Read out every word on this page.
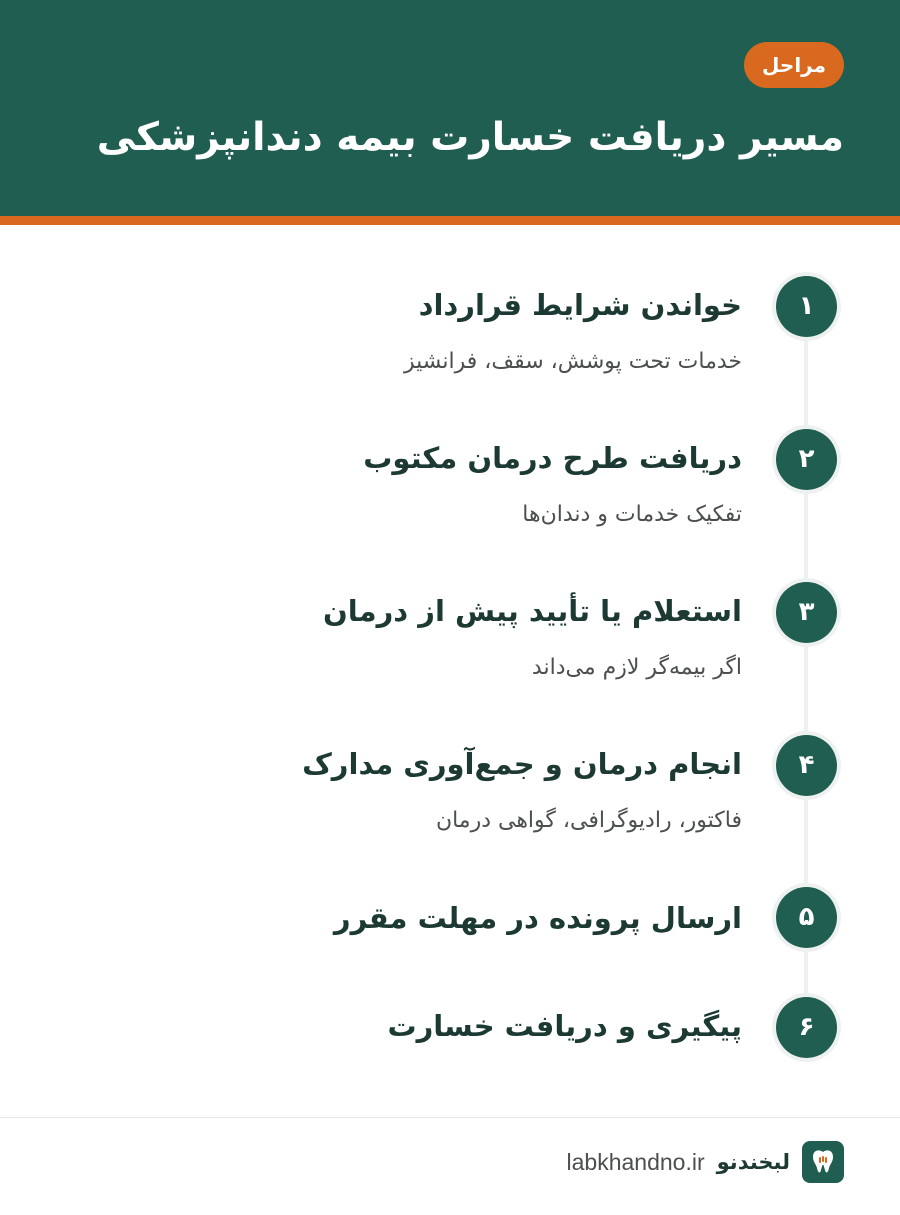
مراحل
مسیر دریافت خسارت بیمه دندانپزشکی
۱
خواندن شرایط قرارداد
خدمات تحت پوشش، سقف، فرانشیز
۲
دریافت طرح درمان مکتوب
تفکیک خدمات و دندان‌ها
۳
استعلام یا تأیید پیش از درمان
اگر بیمه‌گر لازم می‌داند
۴
انجام درمان و جمع‌آوری مدارک
فاکتور، رادیوگرافی، گواهی درمان
۵
ارسال پرونده در مهلت مقرر
۶
پیگیری و دریافت خسارت
لبخندنو
labkhandno.ir
